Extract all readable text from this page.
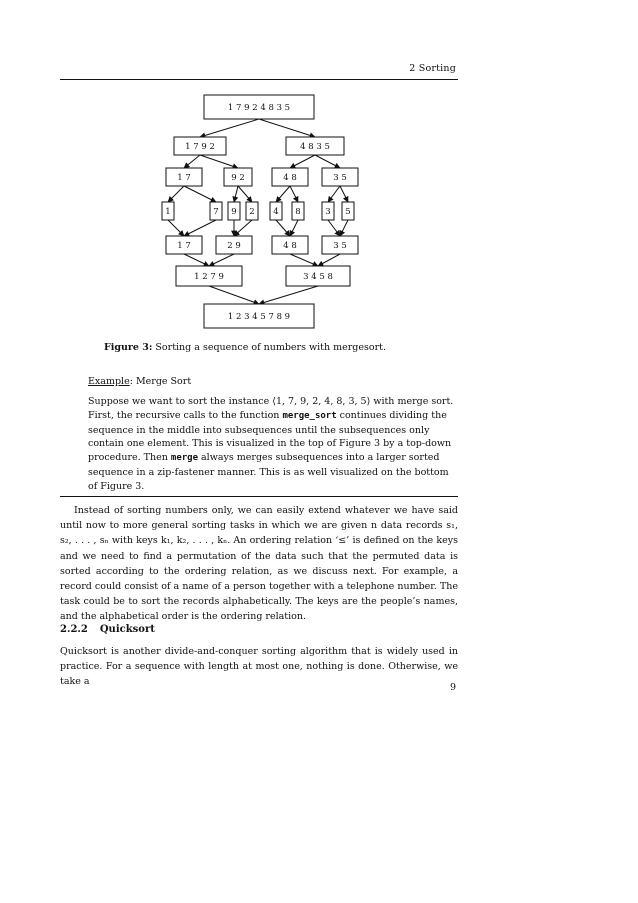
2 Sorting
1 7 9 2 4 8 3 5
1 7 9 2	4 8 3 5
1 7	9 2	4 8	3 5
1	7 9 2 4 8	3 5
1 7	2 9	4 8	3 5
1 2 7 9	3 4 5 8
1 2 3 4 5 7 8 9
Figure 3: Sorting a sequence of numbers with mergesort.
Example: Merge Sort

Suppose we want to sort the instance ⟨1, 7, 9, 2, 4, 8, 3, 5⟩ with merge sort. First, the recursive calls to the function merge_sort continues dividing the sequence in the middle into subsequences until the subsequences only contain one element. This is visualized in the top of Figure 3 by a top-down procedure. Then merge always merges subsequences into a larger sorted sequence in a zip-fastener manner. This is as well visualized on the bottom of Figure 3.

Instead of sorting numbers only, we can easily extend whatever we have said until now to more general sorting tasks in which we are given n data records s₁, s₂, . . . , sₙ with keys k₁, k₂, . . . , kₙ. An ordering relation ‘≤’ is defined on the keys and we need to find a permutation of the data such that the permuted data is sorted according to the ordering relation, as we discuss next. For example, a record could consist of a name of a person together with a telephone number. The task could be to sort the records alphabetically. The keys are the people’s names, and the alphabetical order is the ordering relation.

2.2.2 Quicksort

Quicksort is another divide-and-conquer sorting algorithm that is widely used in practice. For a sequence with length at most one, nothing is done. Otherwise, we take a

9
